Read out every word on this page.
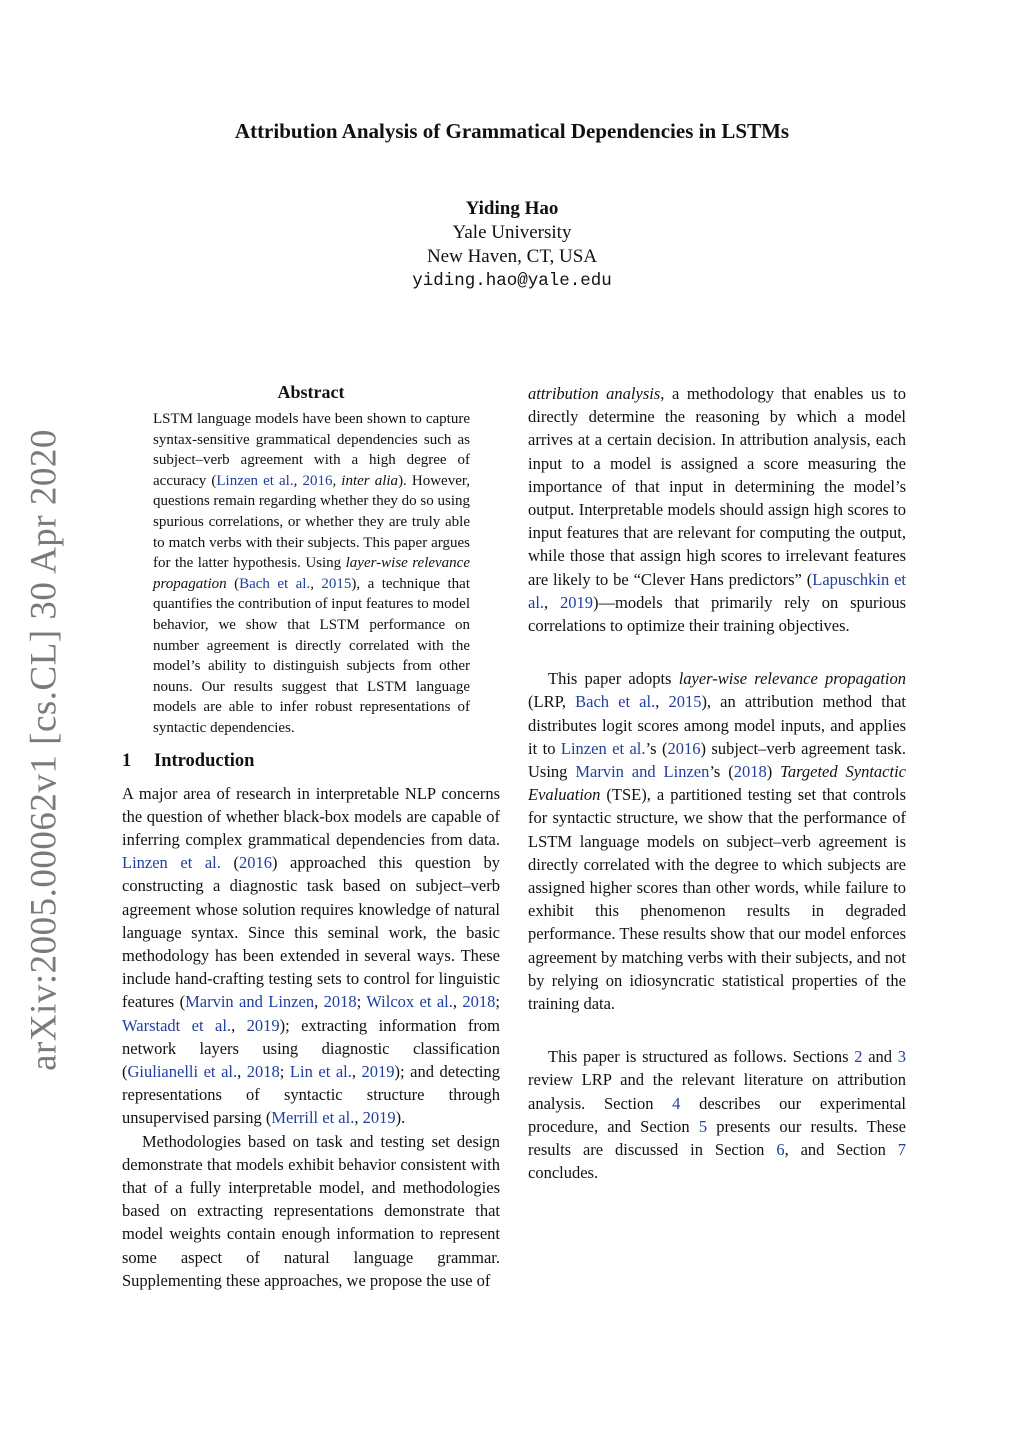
arXiv:2005.00062v1 [cs.CL] 30 Apr 2020
Attribution Analysis of Grammatical Dependencies in LSTMs
Yiding Hao
Yale University
New Haven, CT, USA
yiding.hao@yale.edu
Abstract
LSTM language models have been shown to capture syntax-sensitive grammatical dependencies such as subject–verb agreement with a high degree of accuracy (Linzen et al., 2016, inter alia). However, questions remain regarding whether they do so using spurious correlations, or whether they are truly able to match verbs with their subjects. This paper argues for the latter hypothesis. Using layer-wise relevance propagation (Bach et al., 2015), a technique that quantifies the contribution of input features to model behavior, we show that LSTM performance on number agreement is directly correlated with the model’s ability to distinguish subjects from other nouns. Our results suggest that LSTM language models are able to infer robust representations of syntactic dependencies.
1 Introduction

A major area of research in interpretable NLP concerns the question of whether black-box models are capable of inferring complex grammatical dependencies from data. Linzen et al. (2016) approached this question by constructing a diagnostic task based on subject–verb agreement whose solution requires knowledge of natural language syntax. Since this seminal work, the basic methodology has been extended in several ways. These include hand-crafting testing sets to control for linguistic features (Marvin and Linzen, 2018; Wilcox et al., 2018; Warstadt et al., 2019); extracting information from network layers using diagnostic classification (Giulianelli et al., 2018; Lin et al., 2019); and detecting representations of syntactic structure through unsupervised parsing (Merrill et al., 2019).

Methodologies based on task and testing set design demonstrate that models exhibit behavior consistent with that of a fully interpretable model, and methodologies based on extracting representations demonstrate that model weights contain enough information to represent some aspect of natural language grammar. Supplementing these approaches, we propose the use of

attribution analysis, a methodology that enables us to directly determine the reasoning by which a model arrives at a certain decision. In attribution analysis, each input to a model is assigned a score measuring the importance of that input in determining the model’s output. Interpretable models should assign high scores to input features that are relevant for computing the output, while those that assign high scores to irrelevant features are likely to be “Clever Hans predictors” (Lapuschkin et al., 2019)—models that primarily rely on spurious correlations to optimize their training objectives.

This paper adopts layer-wise relevance propagation (LRP, Bach et al., 2015), an attribution method that distributes logit scores among model inputs, and applies it to Linzen et al.’s (2016) subject–verb agreement task. Using Marvin and Linzen’s (2018) Targeted Syntactic Evaluation (TSE), a partitioned testing set that controls for syntactic structure, we show that the performance of LSTM language models on subject–verb agreement is directly correlated with the degree to which subjects are assigned higher scores than other words, while failure to exhibit this phenomenon results in degraded performance. These results show that our model enforces agreement by matching verbs with their subjects, and not by relying on idiosyncratic statistical properties of the training data.

This paper is structured as follows. Sections 2 and 3 review LRP and the relevant literature on attribution analysis. Section 4 describes our experimental procedure, and Section 5 presents our results. These results are discussed in Section 6, and Section 7 concludes.
